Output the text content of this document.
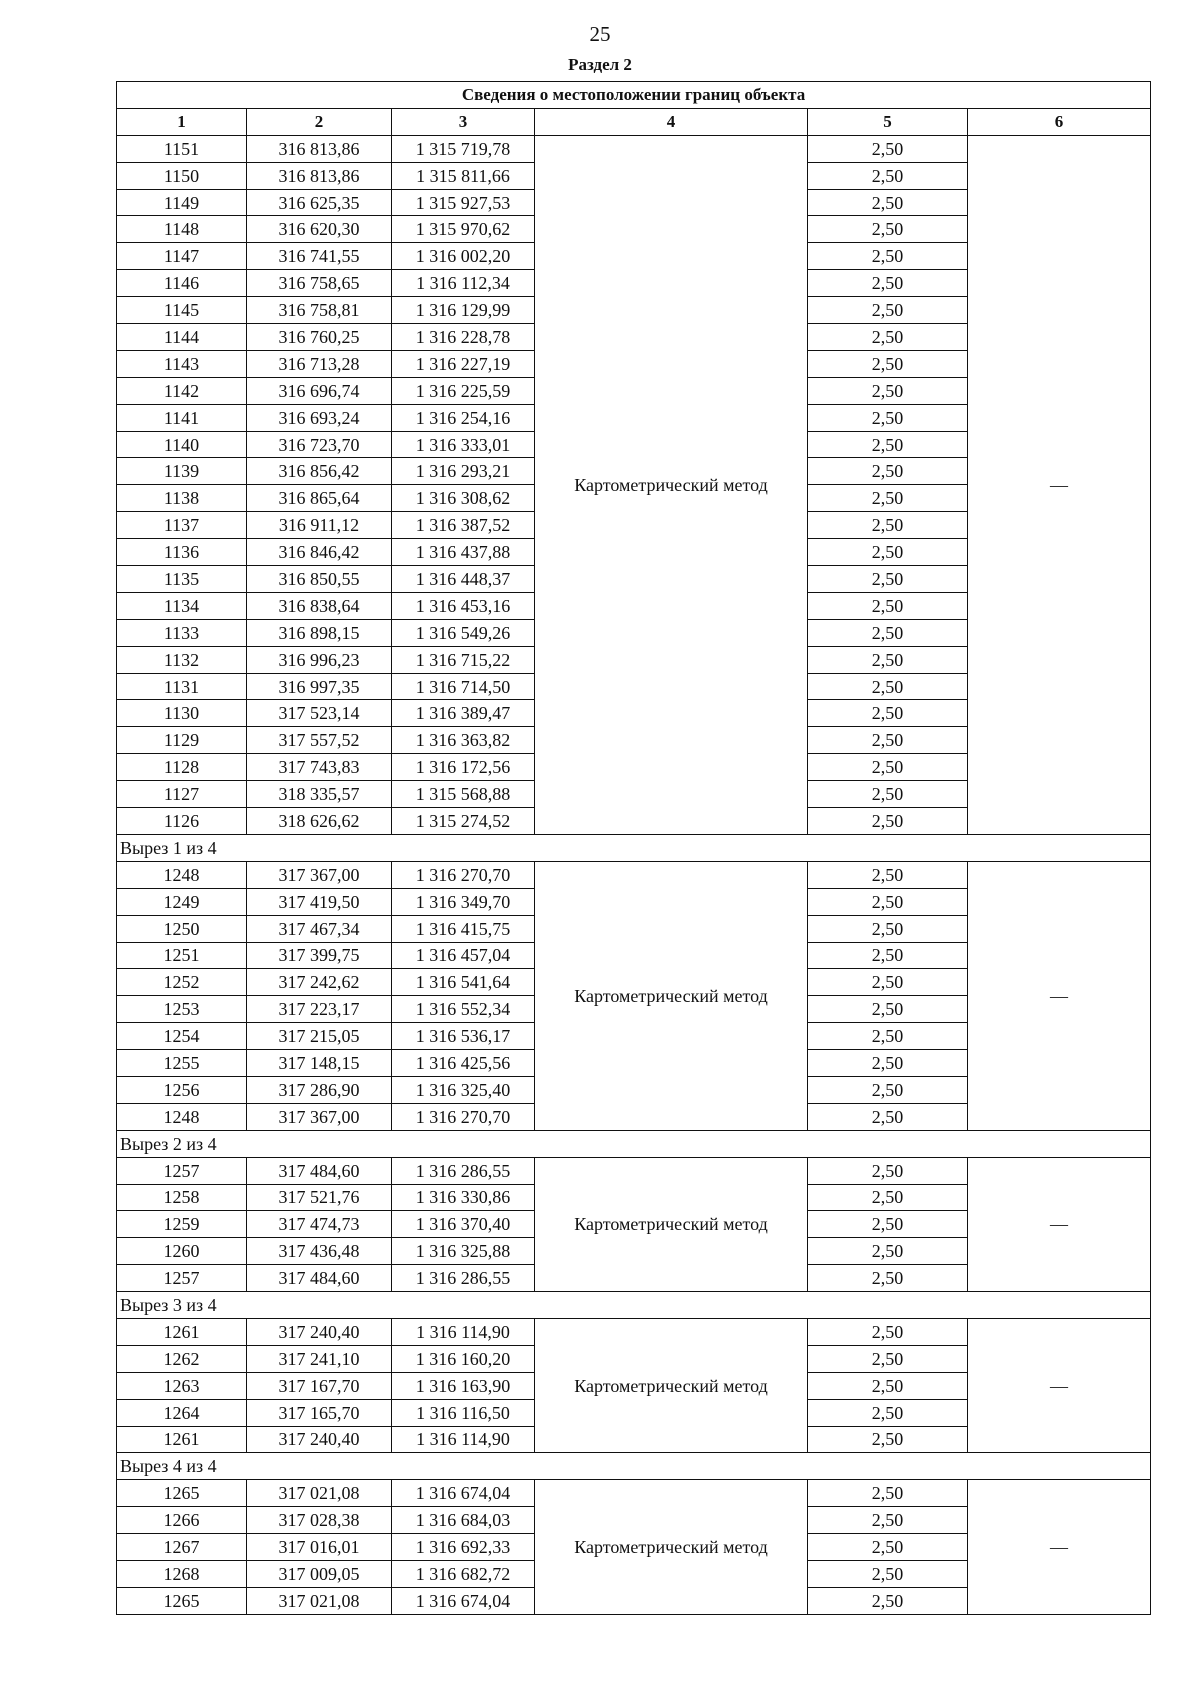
25
Раздел 2
Сведения о местоположении границ объекта					
1	2	3	4	5	6
1151	316 813,86	1 315 719,78	Картометрический метод	2,50	—
1150	316 813,86	1 315 811,66		2,50	
1149	316 625,35	1 315 927,53		2,50	
1148	316 620,30	1 315 970,62		2,50	
1147	316 741,55	1 316 002,20		2,50	
1146	316 758,65	1 316 112,34		2,50	
1145	316 758,81	1 316 129,99		2,50	
1144	316 760,25	1 316 228,78		2,50	
1143	316 713,28	1 316 227,19		2,50	
1142	316 696,74	1 316 225,59		2,50	
1141	316 693,24	1 316 254,16		2,50	
1140	316 723,70	1 316 333,01		2,50	
1139	316 856,42	1 316 293,21		2,50	
1138	316 865,64	1 316 308,62		2,50	
1137	316 911,12	1 316 387,52		2,50	
1136	316 846,42	1 316 437,88		2,50	
1135	316 850,55	1 316 448,37		2,50	
1134	316 838,64	1 316 453,16		2,50	
1133	316 898,15	1 316 549,26		2,50	
1132	316 996,23	1 316 715,22		2,50	
1131	316 997,35	1 316 714,50		2,50	
1130	317 523,14	1 316 389,47		2,50	
1129	317 557,52	1 316 363,82		2,50	
1128	317 743,83	1 316 172,56		2,50	
1127	318 335,57	1 315 568,88		2,50	
1126	318 626,62	1 315 274,52		2,50	
Вырез 1 из 4					
1248	317 367,00	1 316 270,70	Картометрический метод	2,50	—
1249	317 419,50	1 316 349,70		2,50	
1250	317 467,34	1 316 415,75		2,50	
1251	317 399,75	1 316 457,04		2,50	
1252	317 242,62	1 316 541,64		2,50	
1253	317 223,17	1 316 552,34		2,50	
1254	317 215,05	1 316 536,17		2,50	
1255	317 148,15	1 316 425,56		2,50	
1256	317 286,90	1 316 325,40		2,50	
1248	317 367,00	1 316 270,70		2,50	
Вырез 2 из 4					
1257	317 484,60	1 316 286,55	Картометрический метод	2,50	—
1258	317 521,76	1 316 330,86		2,50	
1259	317 474,73	1 316 370,40		2,50	
1260	317 436,48	1 316 325,88		2,50	
1257	317 484,60	1 316 286,55		2,50	
Вырез 3 из 4					
1261	317 240,40	1 316 114,90	Картометрический метод	2,50	—
1262	317 241,10	1 316 160,20		2,50	
1263	317 167,70	1 316 163,90		2,50	
1264	317 165,70	1 316 116,50		2,50	
1261	317 240,40	1 316 114,90		2,50	
Вырез 4 из 4					
1265	317 021,08	1 316 674,04	Картометрический метод	2,50	—
1266	317 028,38	1 316 684,03		2,50	
1267	317 016,01	1 316 692,33		2,50	
1268	317 009,05	1 316 682,72		2,50	
1265	317 021,08	1 316 674,04		2,50	
